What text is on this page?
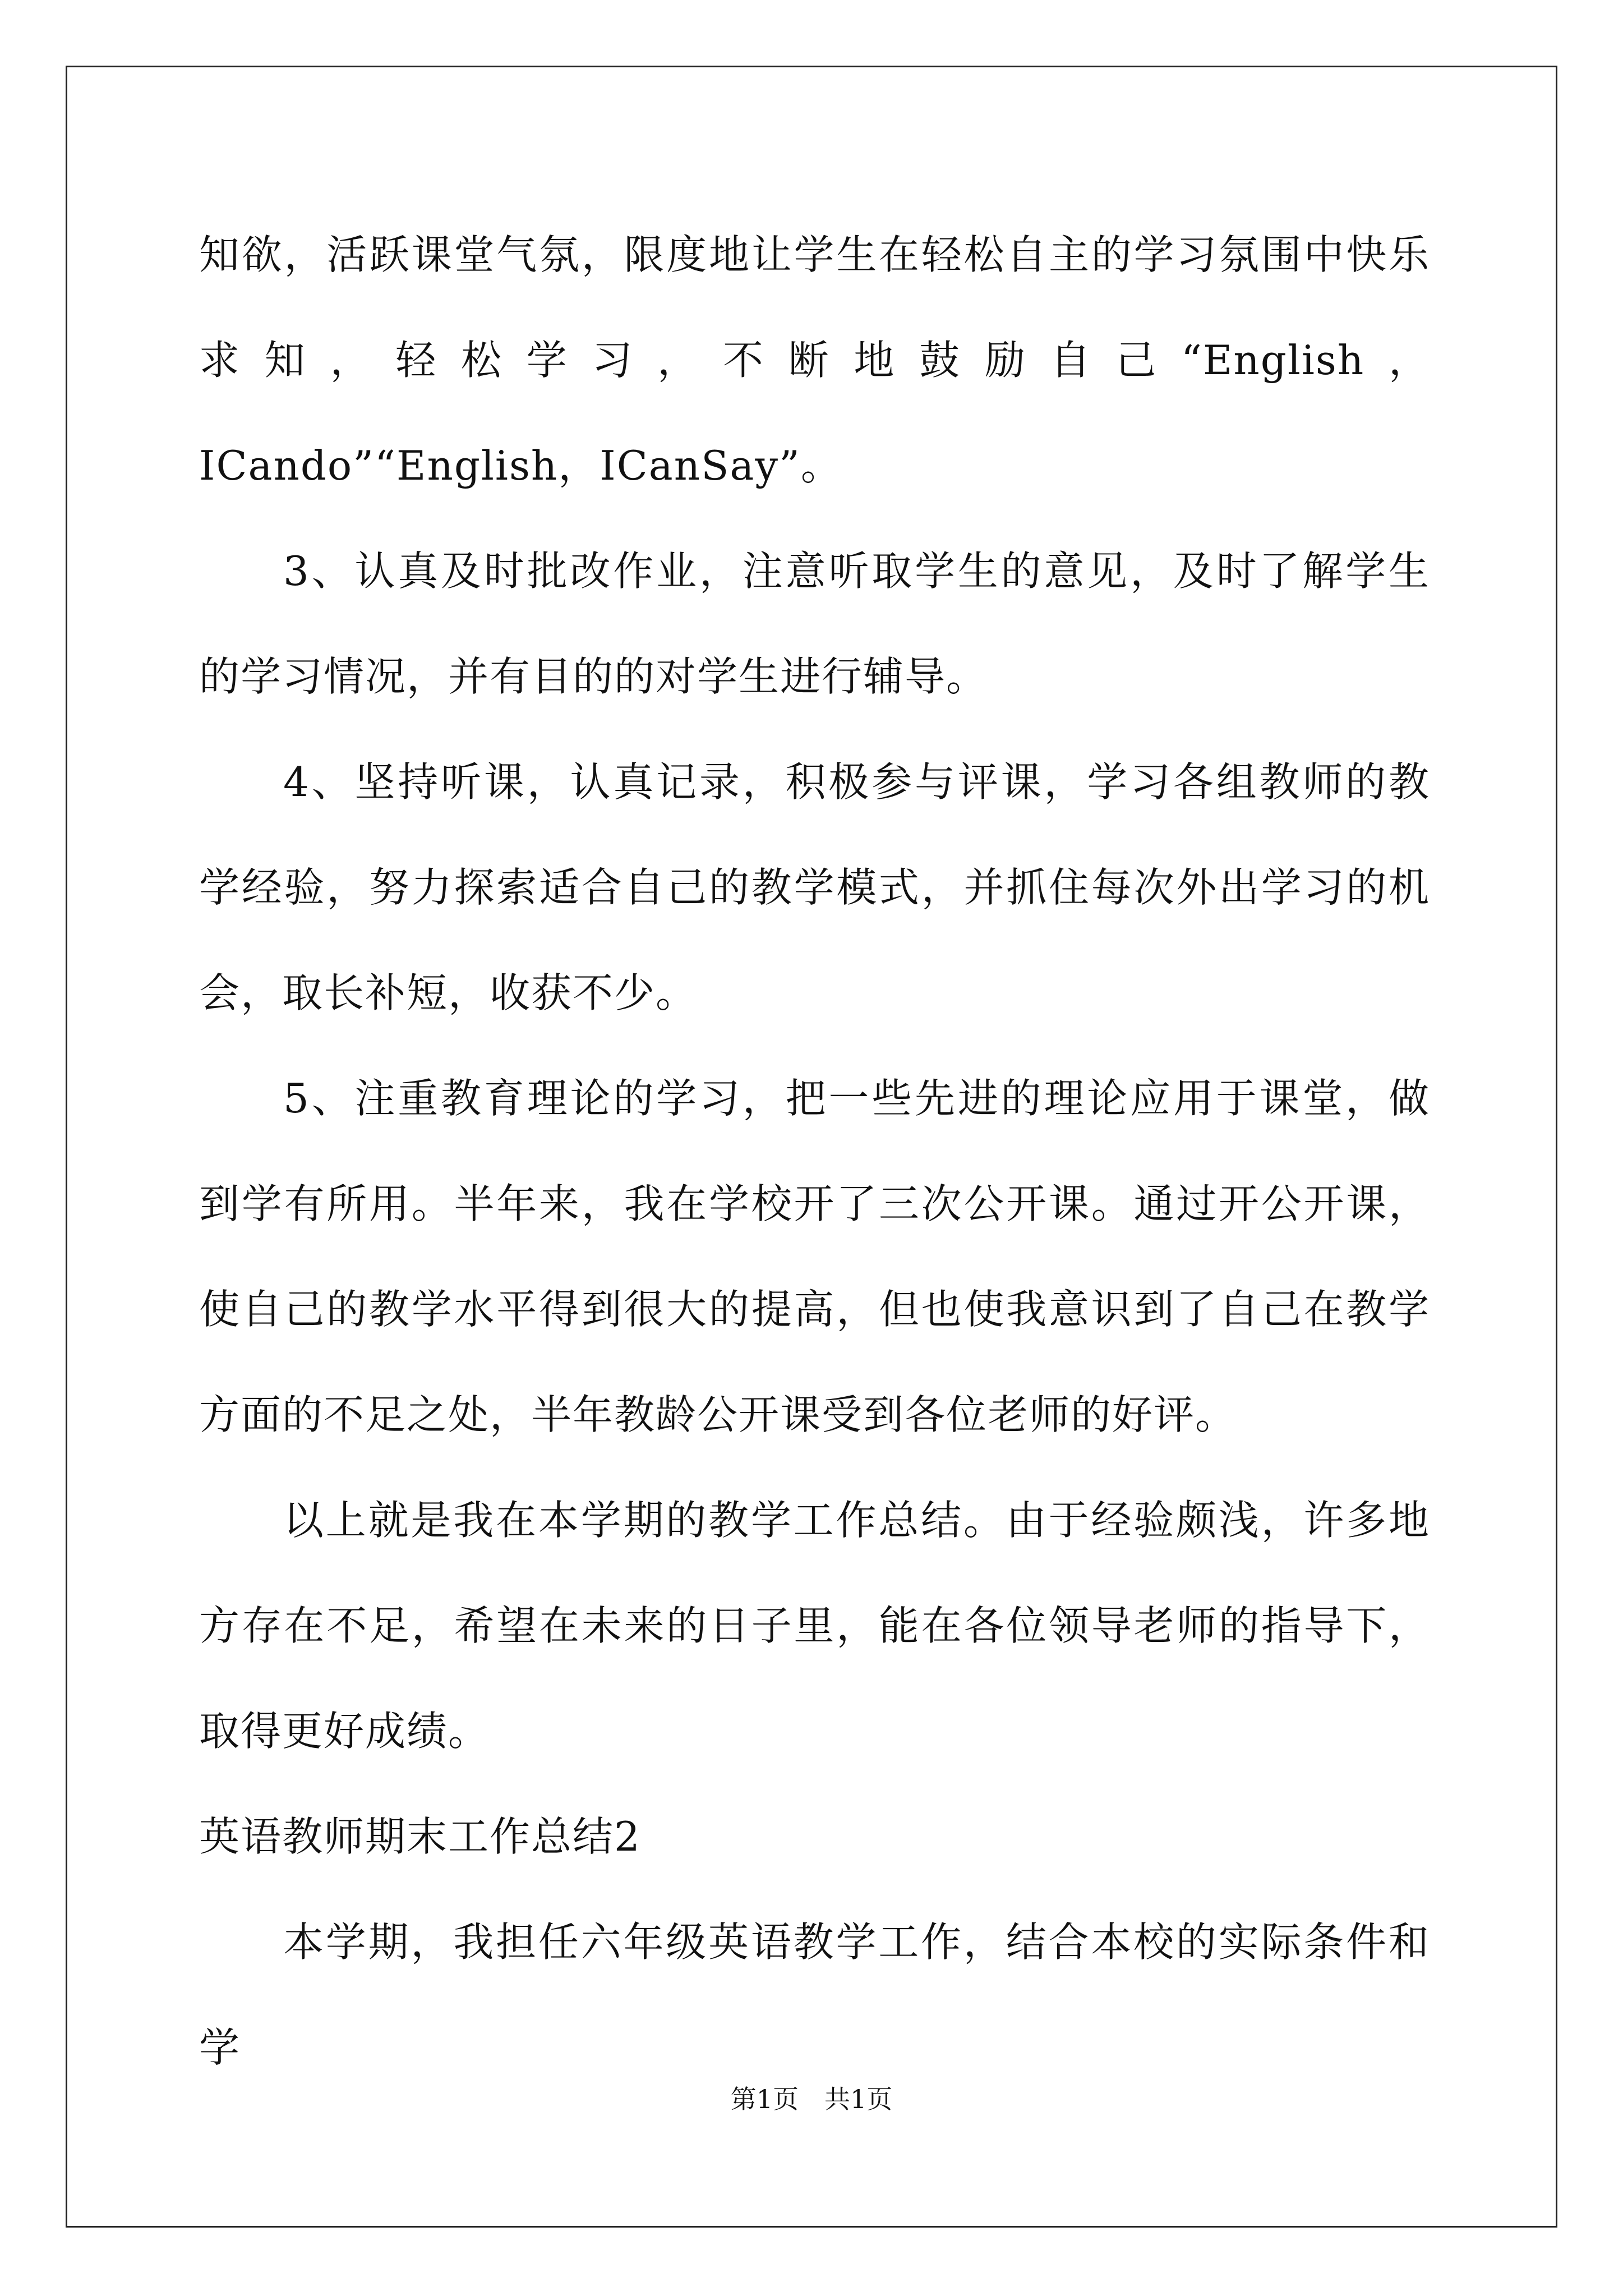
知欲，活跃课堂气氛，限度地让学生在轻松自主的学习氛围中快乐求知，轻松学习，不断地鼓励自己“English，ICando”“English，ICanSay”。

3、认真及时批改作业，注意听取学生的意见，及时了解学生的学习情况，并有目的的对学生进行辅导。

4、坚持听课，认真记录，积极参与评课，学习各组教师的教学经验，努力探索适合自己的教学模式，并抓住每次外出学习的机会，取长补短，收获不少。

5、注重教育理论的学习，把一些先进的理论应用于课堂，做到学有所用。半年来，我在学校开了三次公开课。通过开公开课，使自己的教学水平得到很大的提高，但也使我意识到了自己在教学方面的不足之处，半年教龄公开课受到各位老师的好评。

以上就是我在本学期的教学工作总结。由于经验颇浅，许多地方存在不足，希望在未来的日子里，能在各位领导老师的指导下，取得更好成绩。

英语教师期末工作总结2

本学期，我担任六年级英语教学工作，结合本校的实际条件和学

第1页　共1页
